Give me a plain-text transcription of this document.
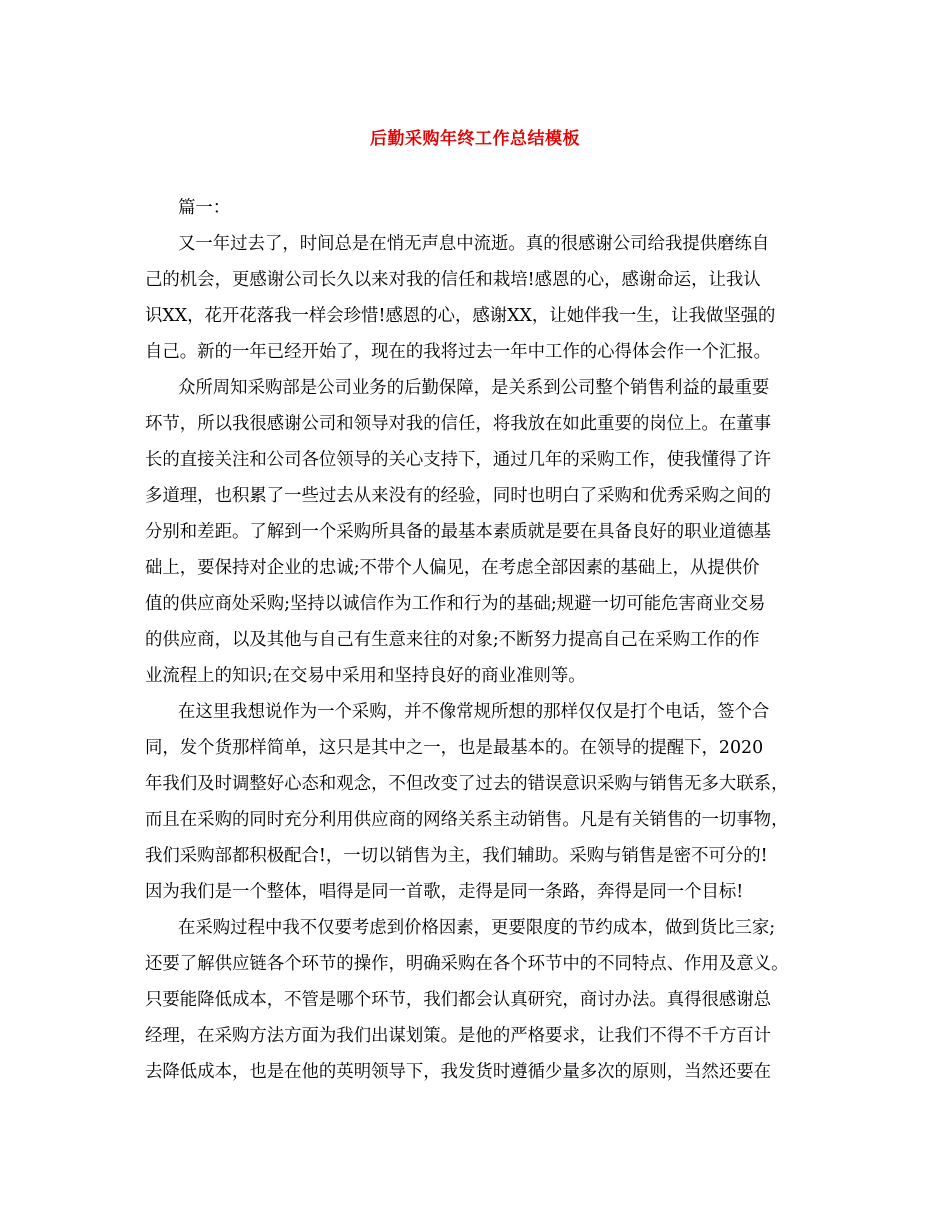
后勤采购年终工作总结模板
篇一：
又一年过去了，时间总是在悄无声息中流逝。真的很感谢公司给我提供磨练自
己的机会，更感谢公司长久以来对我的信任和栽培!感恩的心，感谢命运，让我认
识XX，花开花落我一样会珍惜!感恩的心，感谢XX，让她伴我一生，让我做坚强的
自己。新的一年已经开始了，现在的我将过去一年中工作的心得体会作一个汇报。
众所周知采购部是公司业务的后勤保障，是关系到公司整个销售利益的最重要
环节，所以我很感谢公司和领导对我的信任，将我放在如此重要的岗位上。在董事
长的直接关注和公司各位领导的关心支持下，通过几年的采购工作，使我懂得了许
多道理，也积累了一些过去从来没有的经验，同时也明白了采购和优秀采购之间的
分别和差距。了解到一个采购所具备的最基本素质就是要在具备良好的职业道德基
础上，要保持对企业的忠诚;不带个人偏见，在考虑全部因素的基础上，从提供价
值的供应商处采购;坚持以诚信作为工作和行为的基础;规避一切可能危害商业交易
的供应商，以及其他与自己有生意来往的对象;不断努力提高自己在采购工作的作
业流程上的知识;在交易中采用和坚持良好的商业准则等。
在这里我想说作为一个采购，并不像常规所想的那样仅仅是打个电话，签个合
同，发个货那样简单，这只是其中之一，也是最基本的。在领导的提醒下，2020
年我们及时调整好心态和观念，不但改变了过去的错误意识采购与销售无多大联系，
而且在采购的同时充分利用供应商的网络关系主动销售。凡是有关销售的一切事物，
我们采购部都积极配合!，一切以销售为主，我们辅助。采购与销售是密不可分的!
因为我们是一个整体，唱得是同一首歌，走得是同一条路，奔得是同一个目标!
在采购过程中我不仅要考虑到价格因素，更要限度的节约成本，做到货比三家;
还要了解供应链各个环节的操作，明确采购在各个环节中的不同特点、作用及意义。
只要能降低成本，不管是哪个环节，我们都会认真研究，商讨办法。真得很感谢总
经理，在采购方法方面为我们出谋划策。是他的严格要求，让我们不得不千方百计
去降低成本，也是在他的英明领导下，我发货时遵循少量多次的原则，当然还要在
